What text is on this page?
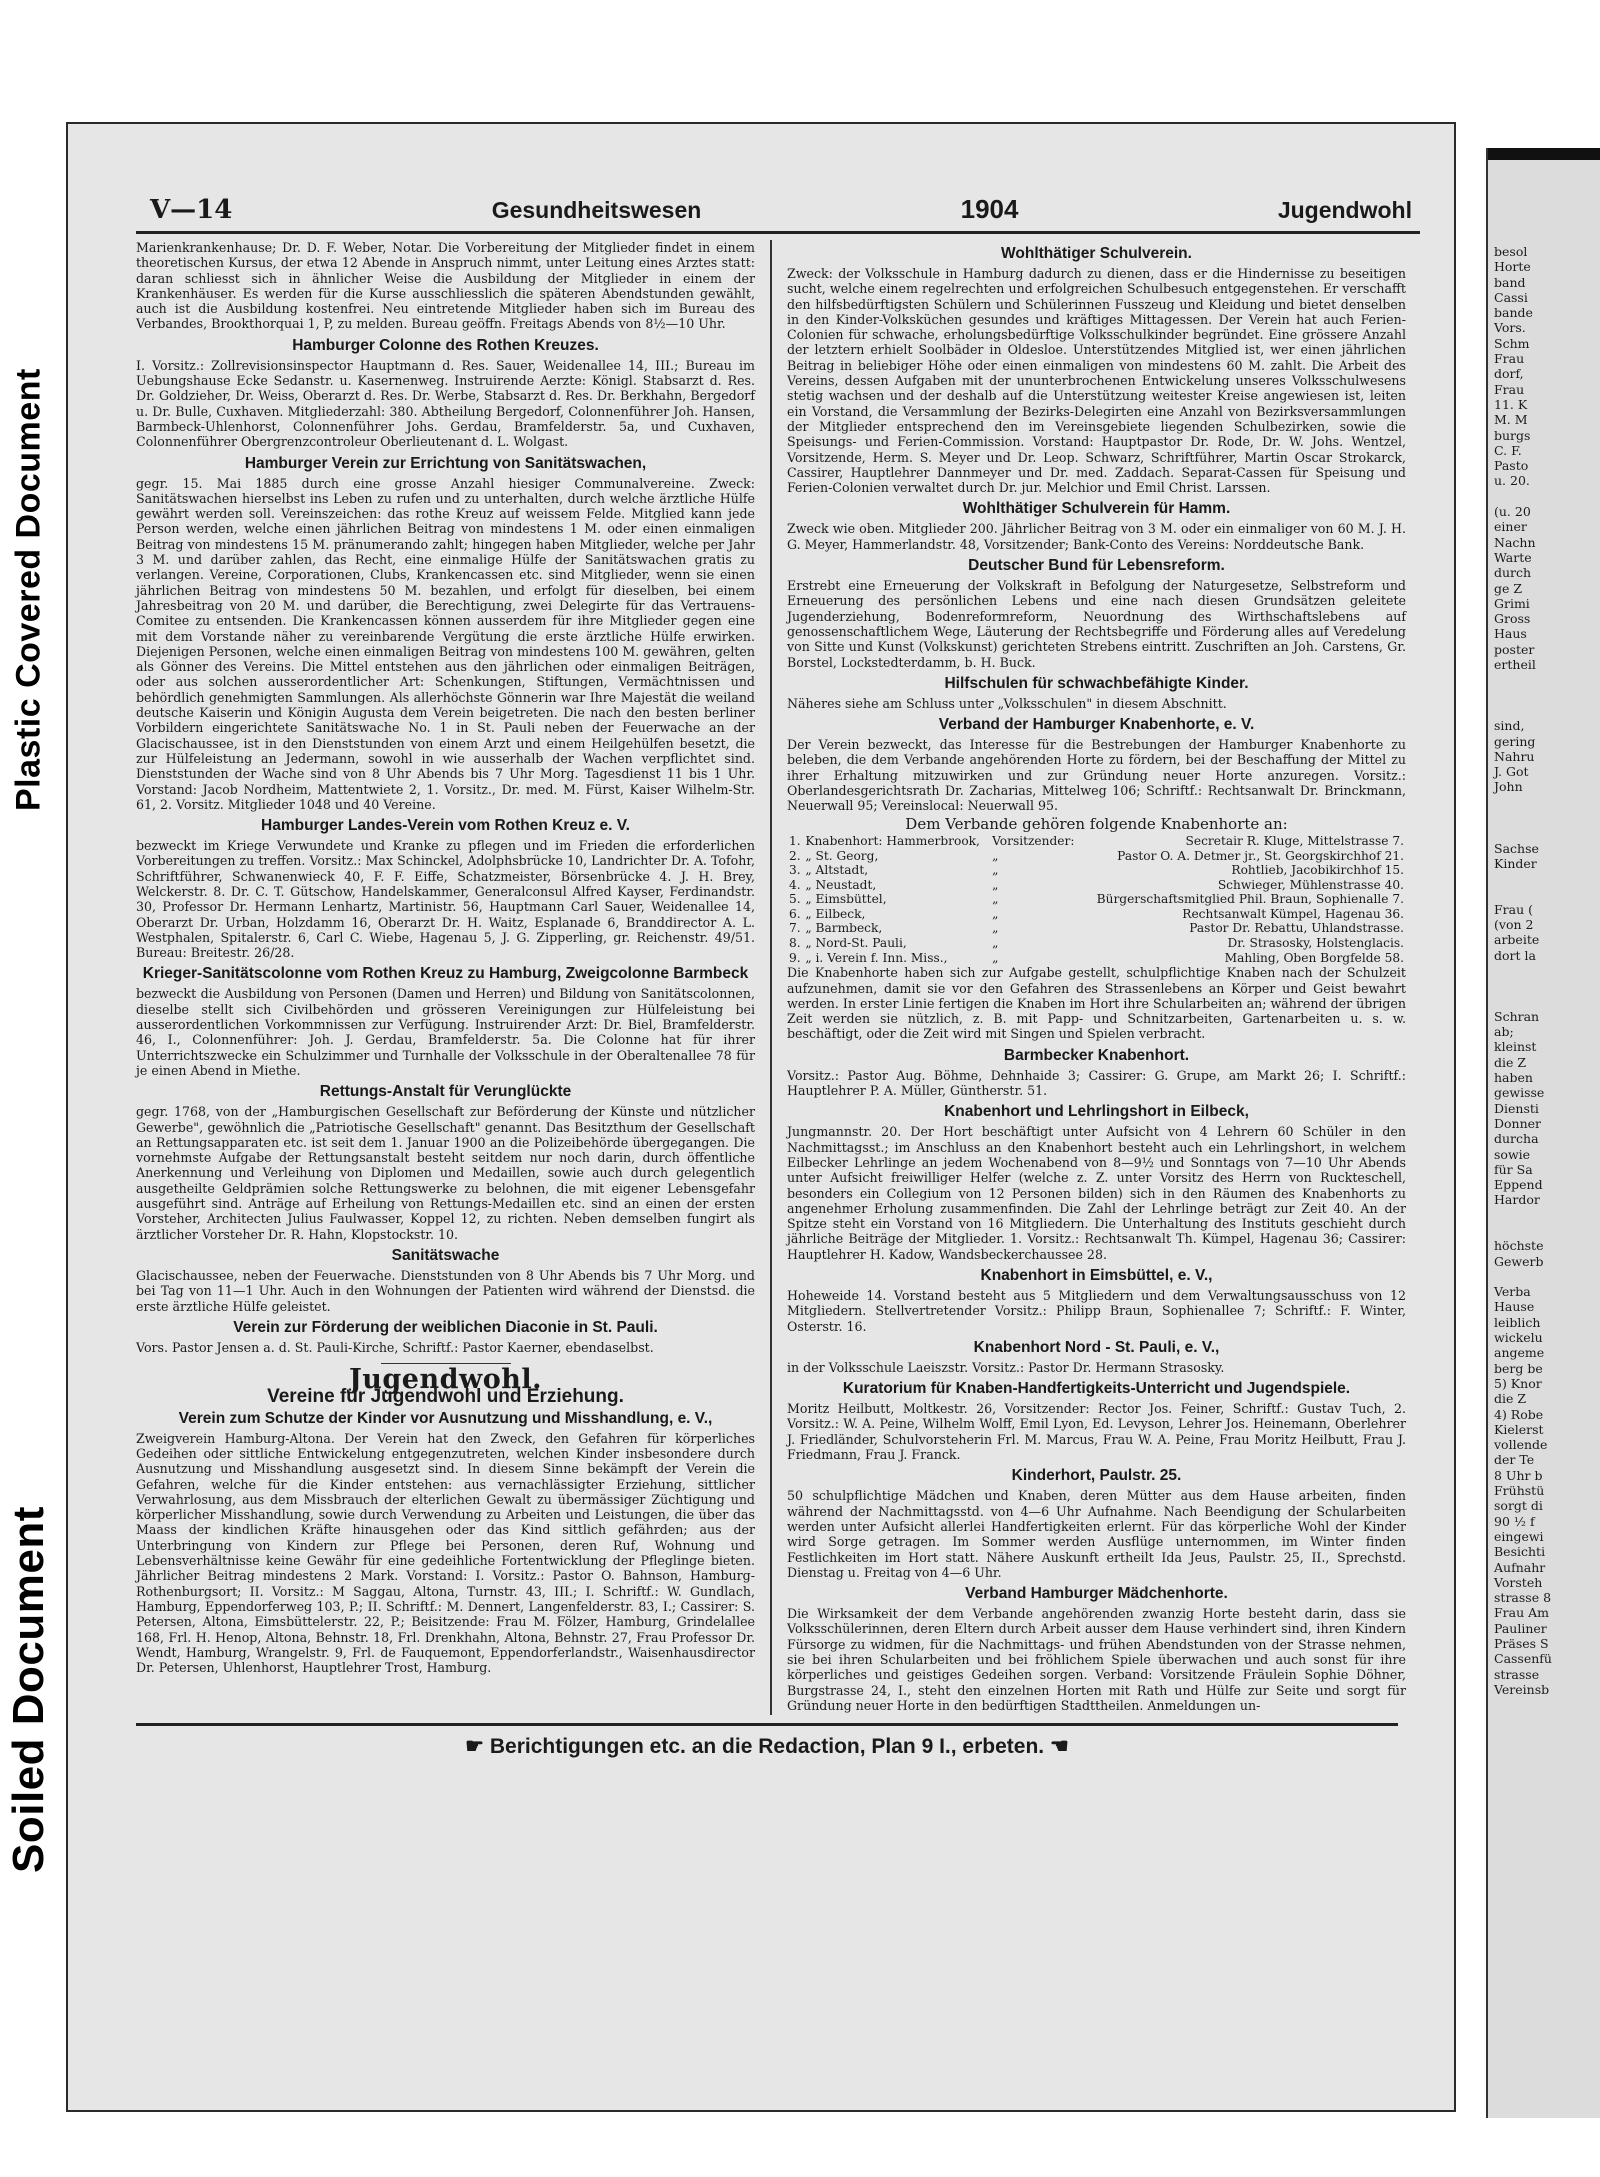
Plastic Covered Document
Soiled Document
V—14	Gesundheitswesen	1904	Jugendwohl

Marienkrankenhause; Dr. D. F. Weber, Notar. Die Vorbereitung der Mitglieder findet in einem theoretischen Kursus, der etwa 12 Abende in Anspruch nimmt, unter Leitung eines Arztes statt: daran schliesst sich in ähnlicher Weise die Ausbildung der Mitglieder in einem der Krankenhäuser. Es werden für die Kurse ausschliesslich die späteren Abendstunden gewählt, auch ist die Ausbildung kostenfrei. Neu eintretende Mitglieder haben sich im Bureau des Verbandes, Brookthorquai 1, P, zu melden. Bureau geöffn. Freitags Abends von 8½—10 Uhr.

Hamburger Colonne des Rothen Kreuzes.

I. Vorsitz.: Zollrevisionsinspector Hauptmann d. Res. Sauer, Weidenallee 14, III.; Bureau im Uebungshause Ecke Sedanstr. u. Kasernenweg. Instruirende Aerzte: Königl. Stabsarzt d. Res. Dr. Goldzieher, Dr. Weiss, Oberarzt d. Res. Dr. Werbe, Stabsarzt d. Res. Dr. Berkhahn, Bergedorf u. Dr. Bulle, Cuxhaven. Mitgliederzahl: 380. Abtheilung Bergedorf, Colonnenführer Joh. Hansen, Barmbeck-Uhlenhorst, Colonnenführer Johs. Gerdau, Bramfelderstr. 5a, und Cuxhaven, Colonnenführer Obergrenzcontroleur Oberlieutenant d. L. Wolgast.

Hamburger Verein zur Errichtung von Sanitätswachen,

gegr. 15. Mai 1885 durch eine grosse Anzahl hiesiger Communalvereine. Zweck: Sanitätswachen hierselbst ins Leben zu rufen und zu unterhalten, durch welche ärztliche Hülfe gewährt werden soll. Vereinszeichen: das rothe Kreuz auf weissem Felde. Mitglied kann jede Person werden, welche einen jährlichen Beitrag von mindestens 1 M. oder einen einmaligen Beitrag von mindestens 15 M. pränumerando zahlt; hingegen haben Mitglieder, welche per Jahr 3 M. und darüber zahlen, das Recht, eine einmalige Hülfe der Sanitätswachen gratis zu verlangen. Vereine, Corporationen, Clubs, Krankencassen etc. sind Mitglieder, wenn sie einen jährlichen Beitrag von mindestens 50 M. bezahlen, und erfolgt für dieselben, bei einem Jahresbeitrag von 20 M. und darüber, die Berechtigung, zwei Delegirte für das Vertrauens-Comitee zu entsenden. Die Krankencassen können ausserdem für ihre Mitglieder gegen eine mit dem Vorstande näher zu vereinbarende Vergütung die erste ärztliche Hülfe erwirken. Diejenigen Personen, welche einen einmaligen Beitrag von mindestens 100 M. gewähren, gelten als Gönner des Vereins. Die Mittel entstehen aus den jährlichen oder einmaligen Beiträgen, oder aus solchen ausserordentlicher Art: Schenkungen, Stiftungen, Vermächtnissen und behördlich genehmigten Sammlungen. Als allerhöchste Gönnerin war Ihre Majestät die weiland deutsche Kaiserin und Königin Augusta dem Verein beigetreten. Die nach den besten berliner Vorbildern eingerichtete Sanitätswache No. 1 in St. Pauli neben der Feuerwache an der Glacischaussee, ist in den Dienststunden von einem Arzt und einem Heilgehülfen besetzt, die zur Hülfeleistung an Jedermann, sowohl in wie ausserhalb der Wachen verpflichtet sind. Dienststunden der Wache sind von 8 Uhr Abends bis 7 Uhr Morg. Tagesdienst 11 bis 1 Uhr. Vorstand: Jacob Nordheim, Mattentwiete 2, 1. Vorsitz., Dr. med. M. Fürst, Kaiser Wilhelm-Str. 61, 2. Vorsitz. Mitglieder 1048 und 40 Vereine.

Hamburger Landes-Verein vom Rothen Kreuz e. V.

bezweckt im Kriege Verwundete und Kranke zu pflegen und im Frieden die erforderlichen Vorbereitungen zu treffen. Vorsitz.: Max Schinckel, Adolphsbrücke 10, Landrichter Dr. A. Tofohr, Schriftführer, Schwanenwieck 40, F. F. Eiffe, Schatzmeister, Börsenbrücke 4. J. H. Brey, Welckerstr. 8. Dr. C. T. Gütschow, Handelskammer, Generalconsul Alfred Kayser, Ferdinandstr. 30, Professor Dr. Hermann Lenhartz, Martinistr. 56, Hauptmann Carl Sauer, Weidenallee 14, Oberarzt Dr. Urban, Holzdamm 16, Oberarzt Dr. H. Waitz, Esplanade 6, Branddirector A. L. Westphalen, Spitalerstr. 6, Carl C. Wiebe, Hagenau 5, J. G. Zipperling, gr. Reichenstr. 49/51. Bureau: Breitestr. 26/28.

Krieger-Sanitätscolonne vom Rothen Kreuz zu Hamburg, Zweigcolonne Barmbeck

bezweckt die Ausbildung von Personen (Damen und Herren) und Bildung von Sanitätscolonnen, dieselbe stellt sich Civilbehörden und grösseren Vereinigungen zur Hülfeleistung bei ausserordentlichen Vorkommnissen zur Verfügung. Instruirender Arzt: Dr. Biel, Bramfelderstr. 46, I., Colonnenführer: Joh. J. Gerdau, Bramfelderstr. 5a. Die Colonne hat für ihrer Unterrichtszwecke ein Schulzimmer und Turnhalle der Volksschule in der Oberaltenallee 78 für je einen Abend in Miethe.

Rettungs-Anstalt für Verunglückte

gegr. 1768, von der „Hamburgischen Gesellschaft zur Beförderung der Künste und nützlicher Gewerbe", gewöhnlich die „Patriotische Gesellschaft" genannt. Das Besitzthum der Gesellschaft an Rettungsapparaten etc. ist seit dem 1. Januar 1900 an die Polizeibehörde übergegangen. Die vornehmste Aufgabe der Rettungsanstalt besteht seitdem nur noch darin, durch öffentliche Anerkennung und Verleihung von Diplomen und Medaillen, sowie auch durch gelegentlich ausgetheilte Geldprämien solche Rettungswerke zu belohnen, die mit eigener Lebensgefahr ausgeführt sind. Anträge auf Erheilung von Rettungs-Medaillen etc. sind an einen der ersten Vorsteher, Architecten Julius Faulwasser, Koppel 12, zu richten. Neben demselben fungirt als ärztlicher Vorsteher Dr. R. Hahn, Klopstockstr. 10.

Sanitätswache

Glacischaussee, neben der Feuerwache. Dienststunden von 8 Uhr Abends bis 7 Uhr Morg. und bei Tag von 11—1 Uhr. Auch in den Wohnungen der Patienten wird während der Dienstsd. die erste ärztliche Hülfe geleistet.

Verein zur Förderung der weiblichen Diaconie in St. Pauli.

Vors. Pastor Jensen a. d. St. Pauli-Kirche, Schriftf.: Pastor Kaerner, ebendaselbst.

Jugendwohl.
Vereine für Jugendwohl und Erziehung.
Verein zum Schutze der Kinder vor Ausnutzung und Misshandlung, e. V.,

Zweigverein Hamburg-Altona. Der Verein hat den Zweck, den Gefahren für körperliches Gedeihen oder sittliche Entwickelung entgegenzutreten, welchen Kinder insbesondere durch Ausnutzung und Misshandlung ausgesetzt sind. In diesem Sinne bekämpft der Verein die Gefahren, welche für die Kinder entstehen: aus vernachlässigter Erziehung, sittlicher Verwahrlosung, aus dem Missbrauch der elterlichen Gewalt zu übermässiger Züchtigung und körperlicher Misshandlung, sowie durch Verwendung zu Arbeiten und Leistungen, die über das Maass der kindlichen Kräfte hinausgehen oder das Kind sittlich gefährden; aus der Unterbringung von Kindern zur Pflege bei Personen, deren Ruf, Wohnung und Lebensverhältnisse keine Gewähr für eine gedeihliche Fortentwicklung der Pfleglinge bieten. Jährlicher Beitrag mindestens 2 Mark. Vorstand: I. Vorsitz.: Pastor O. Bahnson, Hamburg-Rothenburgsort; II. Vorsitz.: M Saggau, Altona, Turnstr. 43, III.; I. Schriftf.: W. Gundlach, Hamburg, Eppendorferweg 103, P.; II. Schriftf.: M. Dennert, Langenfelderstr. 83, I.; Cassirer: S. Petersen, Altona, Eimsbüttelerstr. 22, P.; Beisitzende: Frau M. Fölzer, Hamburg, Grindelallee 168, Frl. H. Henop, Altona, Behnstr. 18, Frl. Drenkhahn, Altona, Behnstr. 27, Frau Professor Dr. Wendt, Hamburg, Wrangelstr. 9, Frl. de Fauquemont, Eppendorferlandstr., Waisenhausdirector Dr. Petersen, Uhlenhorst, Hauptlehrer Trost, Hamburg.

Wohlthätiger Schulverein.

Zweck: der Volksschule in Hamburg dadurch zu dienen, dass er die Hindernisse zu beseitigen sucht, welche einem regelrechten und erfolgreichen Schulbesuch entgegenstehen. Er verschafft den hilfsbedürftigsten Schülern und Schülerinnen Fusszeug und Kleidung und bietet denselben in den Kinder-Volksküchen gesundes und kräftiges Mittagessen. Der Verein hat auch Ferien-Colonien für schwache, erholungsbedürftige Volksschulkinder begründet. Eine grössere Anzahl der letztern erhielt Soolbäder in Oldesloe. Unterstützendes Mitglied ist, wer einen jährlichen Beitrag in beliebiger Höhe oder einen einmaligen von mindestens 60 M. zahlt. Die Arbeit des Vereins, dessen Aufgaben mit der ununterbrochenen Entwickelung unseres Volksschulwesens stetig wachsen und der deshalb auf die Unterstützung weitester Kreise angewiesen ist, leiten ein Vorstand, die Versammlung der Bezirks-Delegirten eine Anzahl von Bezirksversammlungen der Mitglieder entsprechend den im Vereinsgebiete liegenden Schulbezirken, sowie die Speisungs- und Ferien-Commission. Vorstand: Hauptpastor Dr. Rode, Dr. W. Johs. Wentzel, Vorsitzende, Herm. S. Meyer und Dr. Leop. Schwarz, Schriftführer, Martin Oscar Strokarck, Cassirer, Hauptlehrer Dannmeyer und Dr. med. Zaddach. Separat-Cassen für Speisung und Ferien-Colonien verwaltet durch Dr. jur. Melchior und Emil Christ. Larssen.

Wohlthätiger Schulverein für Hamm.

Zweck wie oben. Mitglieder 200. Jährlicher Beitrag von 3 M. oder ein einmaliger von 60 M. J. H. G. Meyer, Hammerlandstr. 48, Vorsitzender; Bank-Conto des Vereins: Norddeutsche Bank.

Deutscher Bund für Lebensreform.

Erstrebt eine Erneuerung der Volkskraft in Befolgung der Naturgesetze, Selbstreform und Erneuerung des persönlichen Lebens und eine nach diesen Grundsätzen geleitete Jugenderziehung, Bodenreformreform, Neuordnung des Wirthschaftslebens auf genossenschaftlichem Wege, Läuterung der Rechtsbegriffe und Förderung alles auf Veredelung von Sitte und Kunst (Volkskunst) gerichteten Strebens eintritt. Zuschriften an Joh. Carstens, Gr. Borstel, Lockstedterdamm, b. H. Buck.

Hilfschulen für schwachbefähigte Kinder.

Näheres siehe am Schluss unter „Volksschulen" in diesem Abschnitt.

Verband der Hamburger Knabenhorte, e. V.

Der Verein bezweckt, das Interesse für die Bestrebungen der Hamburger Knabenhorte zu beleben, die dem Verbande angehörenden Horte zu fördern, bei der Beschaffung der Mittel zu ihrer Erhaltung mitzuwirken und zur Gründung neuer Horte anzuregen. Vorsitz.: Oberlandesgerichtsrath Dr. Zacharias, Mittelweg 106; Schriftf.: Rechtsanwalt Dr. Brinckmann, Neuerwall 95; Vereinslocal: Neuerwall 95.

Dem Verbande gehören folgende Knabenhorte an:
1.	Knabenhort: Hammerbrook,	Vorsitzender:	Secretair R. Kluge, Mittelstrasse 7.
2.	„ St. Georg,	„	Pastor O. A. Detmer jr., St. Georgskirchhof 21.
3.	„ Altstadt,	„	Rohtlieb, Jacobikirchhof 15.
4.	„ Neustadt,	„	Schwieger, Mühlenstrasse 40.
5.	„ Eimsbüttel,	„	Bürgerschaftsmitglied Phil. Braun, Sophienalle 7.
6.	„ Eilbeck,	„	Rechtsanwalt Kümpel, Hagenau 36.
7.	„ Barmbeck,	„	Pastor Dr. Rebattu, Uhlandstrasse.
8.	„ Nord-St. Pauli,	„	Dr. Strasosky, Holstenglacis.
9.	„ i. Verein f. Inn. Miss.,	„	Mahling, Oben Borgfelde 58.

Die Knabenhorte haben sich zur Aufgabe gestellt, schulpflichtige Knaben nach der Schulzeit aufzunehmen, damit sie vor den Gefahren des Strassenlebens an Körper und Geist bewahrt werden. In erster Linie fertigen die Knaben im Hort ihre Schularbeiten an; während der übrigen Zeit werden sie nützlich, z. B. mit Papp- und Schnitzarbeiten, Gartenarbeiten u. s. w. beschäftigt, oder die Zeit wird mit Singen und Spielen verbracht.

Barmbecker Knabenhort.

Vorsitz.: Pastor Aug. Böhme, Dehnhaide 3; Cassirer: G. Grupe, am Markt 26; I. Schriftf.: Hauptlehrer P. A. Müller, Güntherstr. 51.

Knabenhort und Lehrlingshort in Eilbeck,

Jungmannstr. 20. Der Hort beschäftigt unter Aufsicht von 4 Lehrern 60 Schüler in den Nachmittagsst.; im Anschluss an den Knabenhort besteht auch ein Lehrlingshort, in welchem Eilbecker Lehrlinge an jedem Wochenabend von 8—9½ und Sonntags von 7—10 Uhr Abends unter Aufsicht freiwilliger Helfer (welche z. Z. unter Vorsitz des Herrn von Ruckteschell, besonders ein Collegium von 12 Personen bilden) sich in den Räumen des Knabenhorts zu angenehmer Erholung zusammenfinden. Die Zahl der Lehrlinge beträgt zur Zeit 40. An der Spitze steht ein Vorstand von 16 Mitgliedern. Die Unterhaltung des Instituts geschieht durch jährliche Beiträge der Mitglieder. 1. Vorsitz.: Rechtsanwalt Th. Kümpel, Hagenau 36; Cassirer: Hauptlehrer H. Kadow, Wandsbeckerchaussee 28.

Knabenhort in Eimsbüttel, e. V.,

Hoheweide 14. Vorstand besteht aus 5 Mitgliedern und dem Verwaltungsausschuss von 12 Mitgliedern. Stellvertretender Vorsitz.: Philipp Braun, Sophienallee 7; Schriftf.: F. Winter, Osterstr. 16.

Knabenhort Nord - St. Pauli, e. V.,

in der Volksschule Laeiszstr. Vorsitz.: Pastor Dr. Hermann Strasosky.

Kuratorium für Knaben-Handfertigkeits-Unterricht und Jugendspiele.

Moritz Heilbutt, Moltkestr. 26, Vorsitzender: Rector Jos. Feiner, Schriftf.: Gustav Tuch, 2. Vorsitz.: W. A. Peine, Wilhelm Wolff, Emil Lyon, Ed. Levyson, Lehrer Jos. Heinemann, Oberlehrer J. Friedländer, Schulvorsteherin Frl. M. Marcus, Frau W. A. Peine, Frau Moritz Heilbutt, Frau J. Friedmann, Frau J. Franck.

Kinderhort, Paulstr. 25.

50 schulpflichtige Mädchen und Knaben, deren Mütter aus dem Hause arbeiten, finden während der Nachmittagsstd. von 4—6 Uhr Aufnahme. Nach Beendigung der Schularbeiten werden unter Aufsicht allerlei Handfertigkeiten erlernt. Für das körperliche Wohl der Kinder wird Sorge getragen. Im Sommer werden Ausflüge unternommen, im Winter finden Festlichkeiten im Hort statt. Nähere Auskunft ertheilt Ida Jeus, Paulstr. 25, II., Sprechstd. Dienstag u. Freitag von 4—6 Uhr.

Verband Hamburger Mädchenhorte.

Die Wirksamkeit der dem Verbande angehörenden zwanzig Horte besteht darin, dass sie Volksschülerinnen, deren Eltern durch Arbeit ausser dem Hause verhindert sind, ihren Kindern Fürsorge zu widmen, für die Nachmittags- und frühen Abendstunden von der Strasse nehmen, sie bei ihren Schularbeiten und bei fröhlichem Spiele überwachen und auch sonst für ihre körperliches und geistiges Gedeihen sorgen. Verband: Vorsitzende Fräulein Sophie Döhner, Burgstrasse 24, I., steht den einzelnen Horten mit Rath und Hülfe zur Seite und sorgt für Gründung neuer Horte in den bedürftigen Stadttheilen. Anmeldungen un-

☛ Berichtigungen etc. an die Redaction, Plan 9 I., erbeten. ☚
besol
Horte
band
Cassi
bande
Vors.
Schm
Frau
dorf,
Frau
11. K
M. M
burgs
C. F.
Pasto
u. 20.

(u. 20
einer
Nachn
Warte
durch
ge Z
Grimi
Gross
Haus
poster
ertheil

sind,
gering
Nahru
J. Got
John

Sachse
Kinder

Frau (
(von 2
arbeite
dort la

Schran
ab;
kleinst
die Z
haben
gewisse
Diensti
Donner
durcha
sowie
für Sa
Eppend
Hardor

höchste
Gewerb

Verba
Hause
leiblich
wickelu
angeme
berg be
5) Knor
die Z
4) Robe
Kielerst
vollende
der Te
8 Uhr b
Frühstü
sorgt di
90 ½ f
eingewi
Besichti
Aufnahr
Vorsteh
strasse 8
Frau Am
Pauliner
Präses S
Cassenfü
strasse
Vereinsb
